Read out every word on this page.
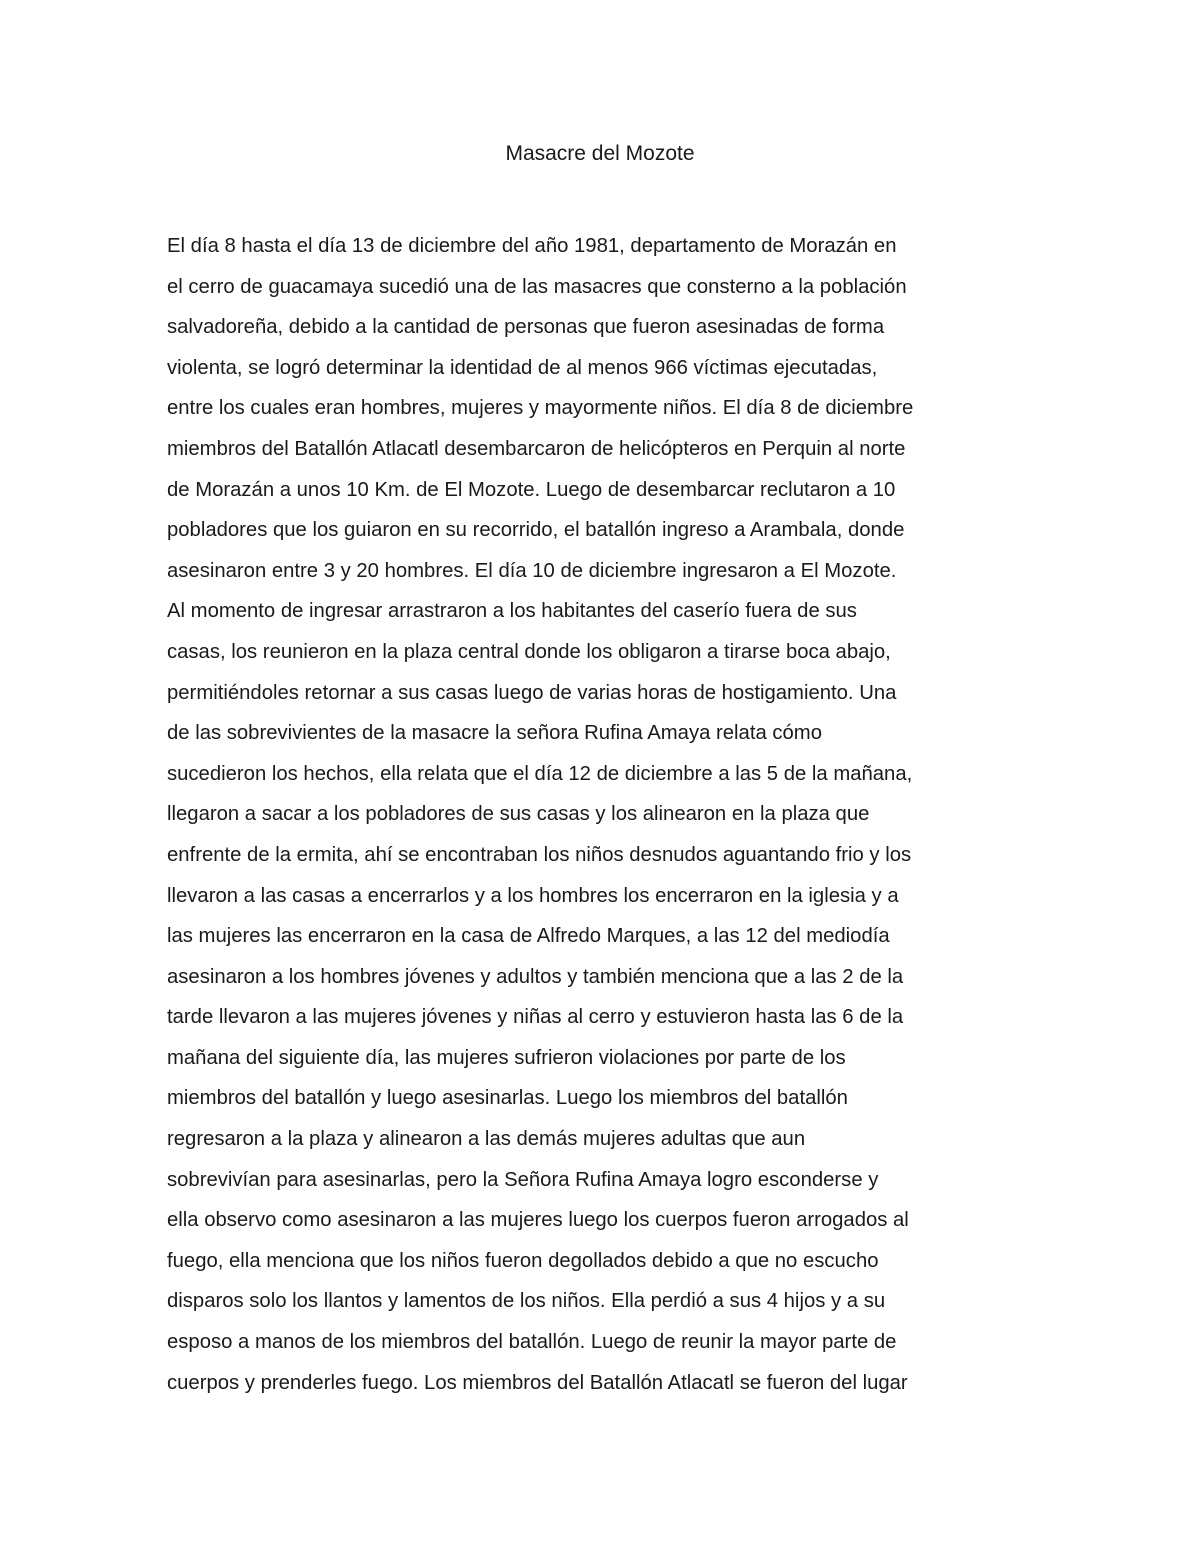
Masacre del Mozote
El día 8 hasta el día 13 de diciembre del año 1981, departamento de Morazán en
el cerro de guacamaya sucedió una de las masacres que consterno a la población
salvadoreña, debido a la cantidad de personas que fueron asesinadas de forma
violenta, se logró determinar la identidad de al menos 966 víctimas ejecutadas,
entre los cuales eran hombres, mujeres y mayormente niños. El día 8 de diciembre
miembros del Batallón Atlacatl desembarcaron de helicópteros en Perquin al norte
de Morazán a unos 10 Km. de El Mozote. Luego de desembarcar reclutaron a 10
pobladores que los guiaron en su recorrido, el batallón ingreso a Arambala, donde
asesinaron entre 3 y 20 hombres. El día 10 de diciembre ingresaron a El Mozote.
Al momento de ingresar arrastraron a los habitantes del caserío fuera de sus
casas, los reunieron en la plaza central donde los obligaron a tirarse boca abajo,
permitiéndoles retornar a sus casas luego de varias horas de hostigamiento. Una
de las sobrevivientes de la masacre la señora Rufina Amaya relata cómo
sucedieron los hechos, ella relata que el día 12 de diciembre a las 5 de la mañana,
llegaron a sacar a los pobladores de sus casas y los alinearon en la plaza que
enfrente de la ermita, ahí se encontraban los niños desnudos aguantando frio y los
llevaron a las casas a encerrarlos y a los hombres los encerraron en la iglesia y a
las mujeres las encerraron en la casa de Alfredo Marques, a las 12 del mediodía
asesinaron a los hombres jóvenes y adultos y también menciona que a las 2 de la
tarde llevaron a las mujeres jóvenes y niñas al cerro y estuvieron hasta las 6 de la
mañana del siguiente día, las mujeres sufrieron violaciones por parte de los
miembros del batallón y luego asesinarlas. Luego los miembros del batallón
regresaron a la plaza y alinearon a las demás mujeres adultas que aun
sobrevivían para asesinarlas, pero la Señora Rufina Amaya logro esconderse y
ella observo como asesinaron a las mujeres luego los cuerpos fueron arrogados al
fuego, ella menciona que los niños fueron degollados debido a que no escucho
disparos solo los llantos y lamentos de los niños. Ella perdió a sus 4 hijos y a su
esposo a manos de los miembros del batallón. Luego de reunir la mayor parte de
cuerpos y prenderles fuego. Los miembros del Batallón Atlacatl se fueron del lugar
